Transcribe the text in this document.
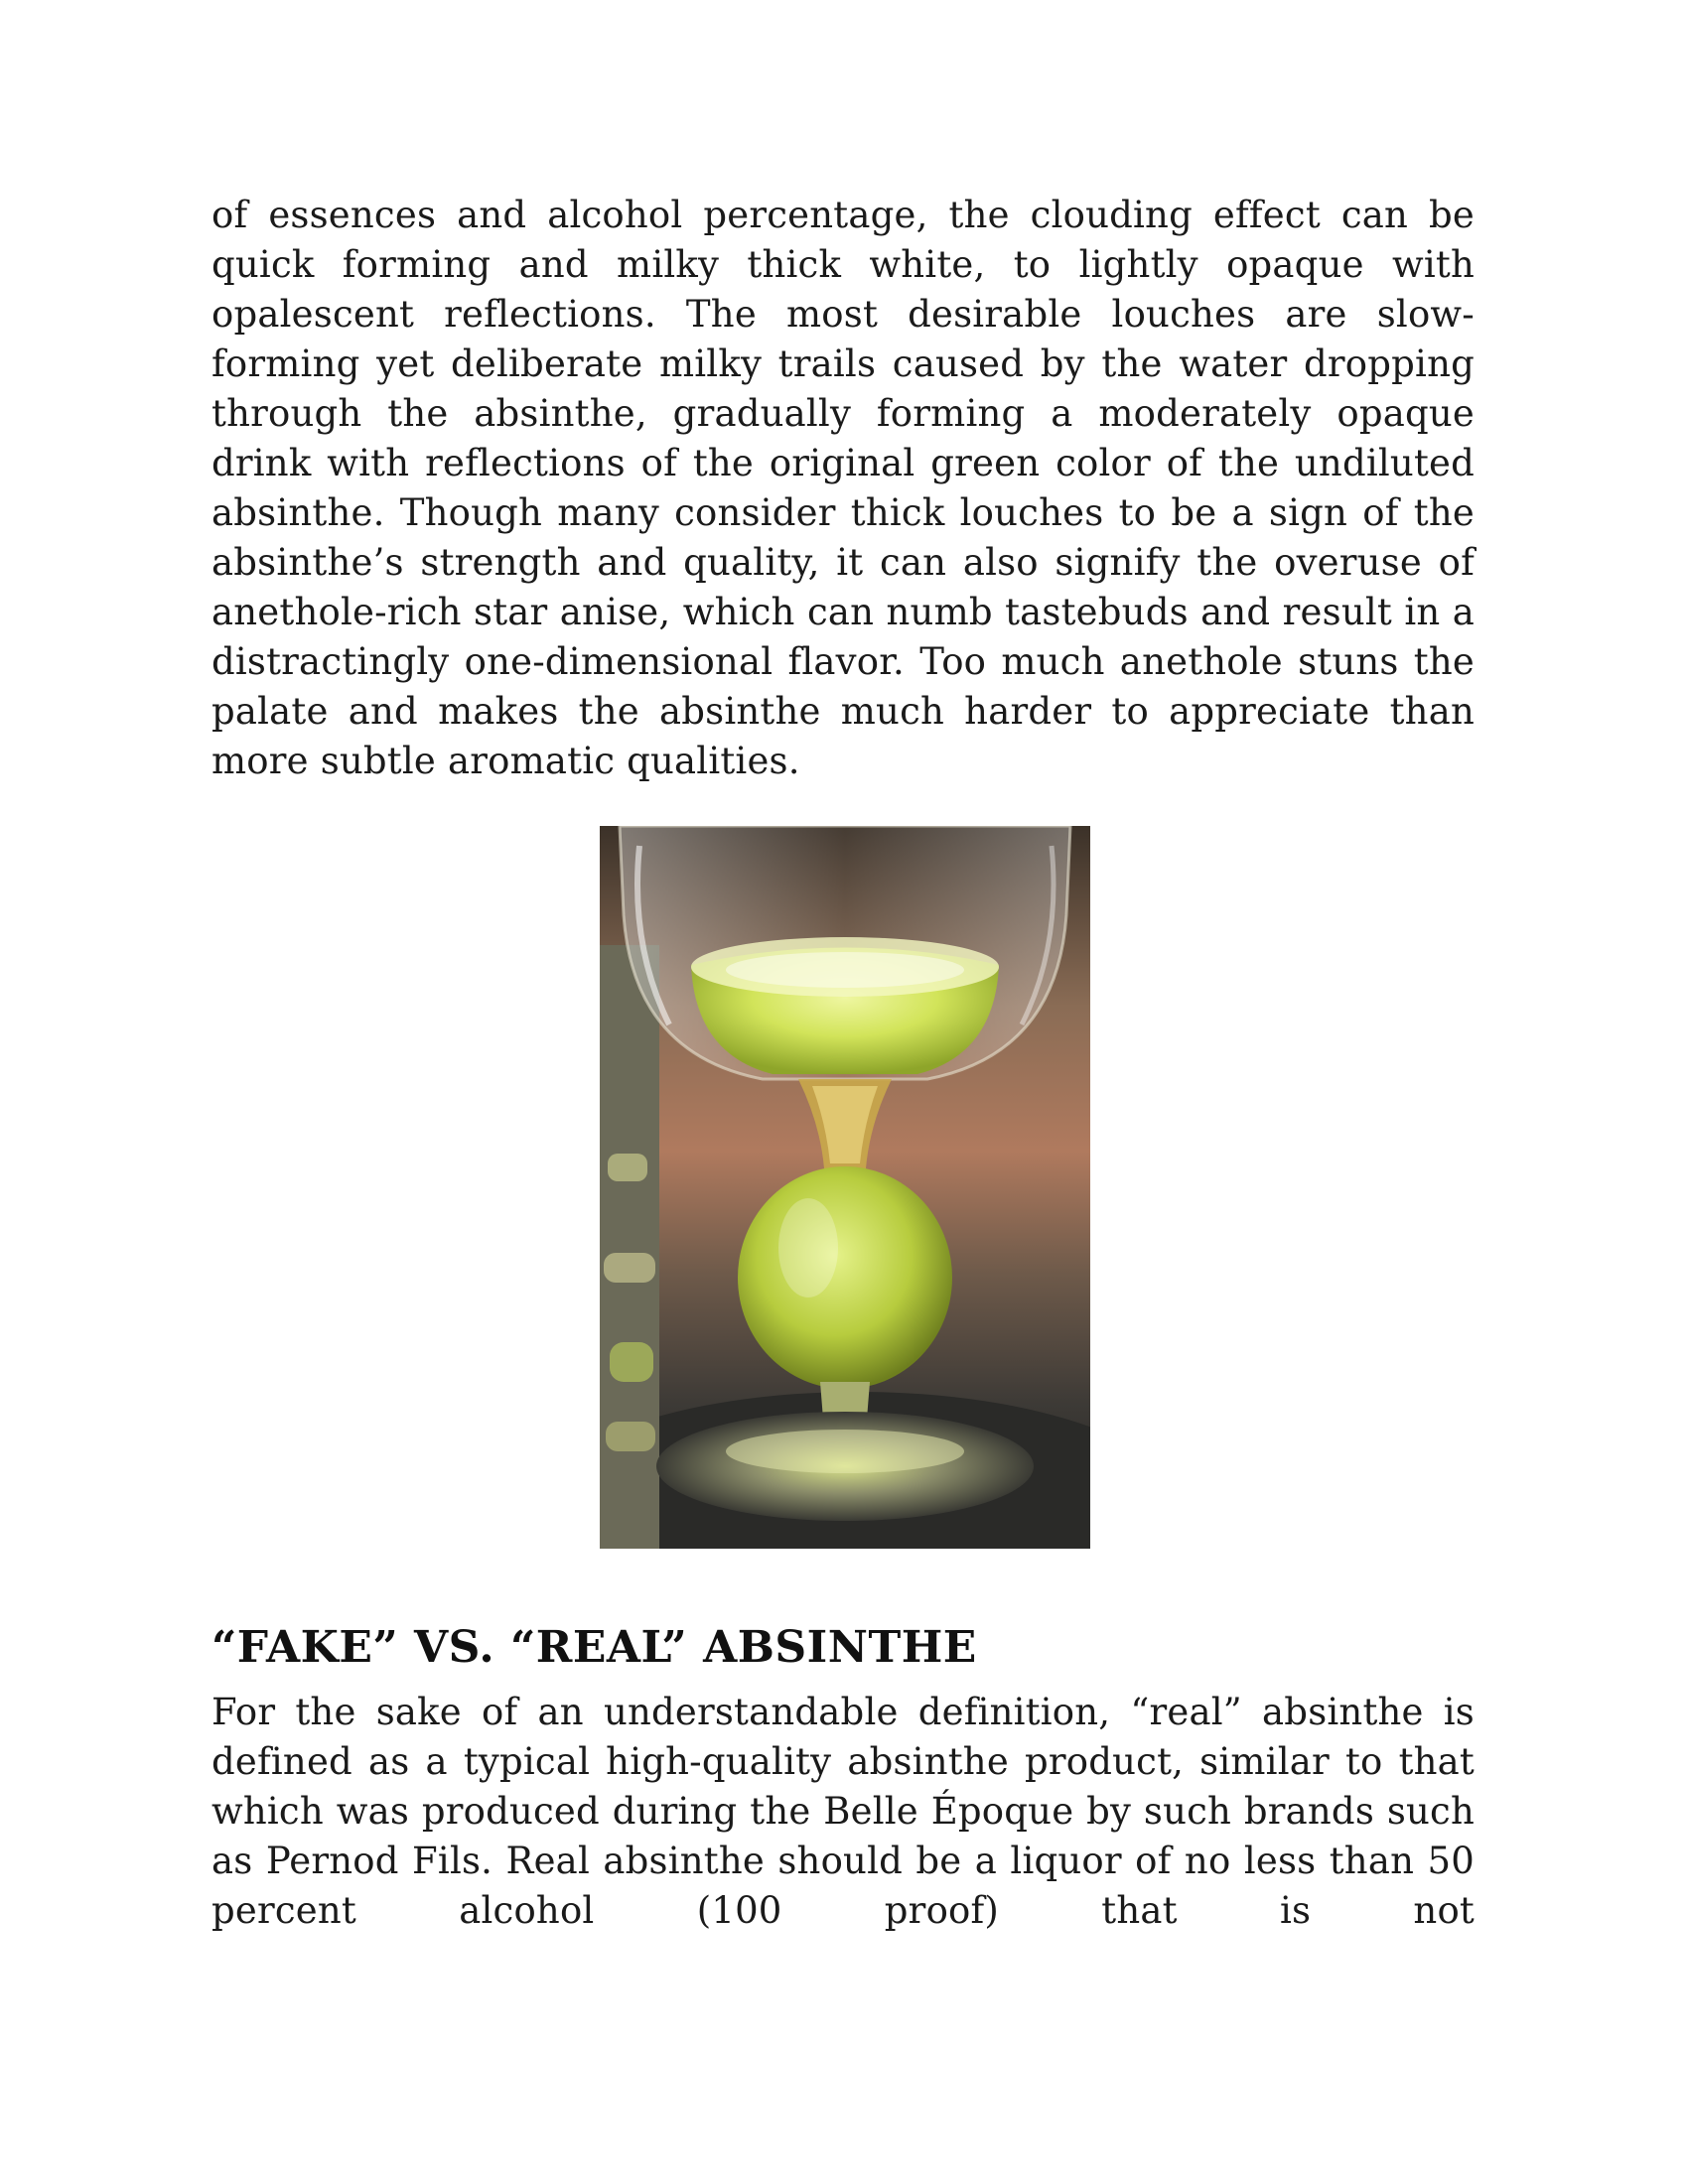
of essences and alcohol percentage, the clouding effect can be quick forming and milky thick white, to lightly opaque with opalescent reflections. The most desirable louches are slow-forming yet deliberate milky trails caused by the water dropping through the absinthe, gradually forming a moderately opaque drink with reflections of the original green color of the undiluted absinthe. Though many consider thick louches to be a sign of the absinthe’s strength and quality, it can also signify the overuse of anethole-rich star anise, which can numb tastebuds and result in a distractingly one-dimensional flavor. Too much anethole stuns the palate and makes the absinthe much harder to appreciate than more subtle aromatic qualities.

“FAKE” VS. “REAL” ABSINTHE

For the sake of an understandable definition, “real” absinthe is defined as a typical high-quality absinthe product, similar to that which was produced during the Belle Époque by such brands such as Pernod Fils. Real absinthe should be a liquor of no less than 50 percent alcohol (100 proof) that is not
